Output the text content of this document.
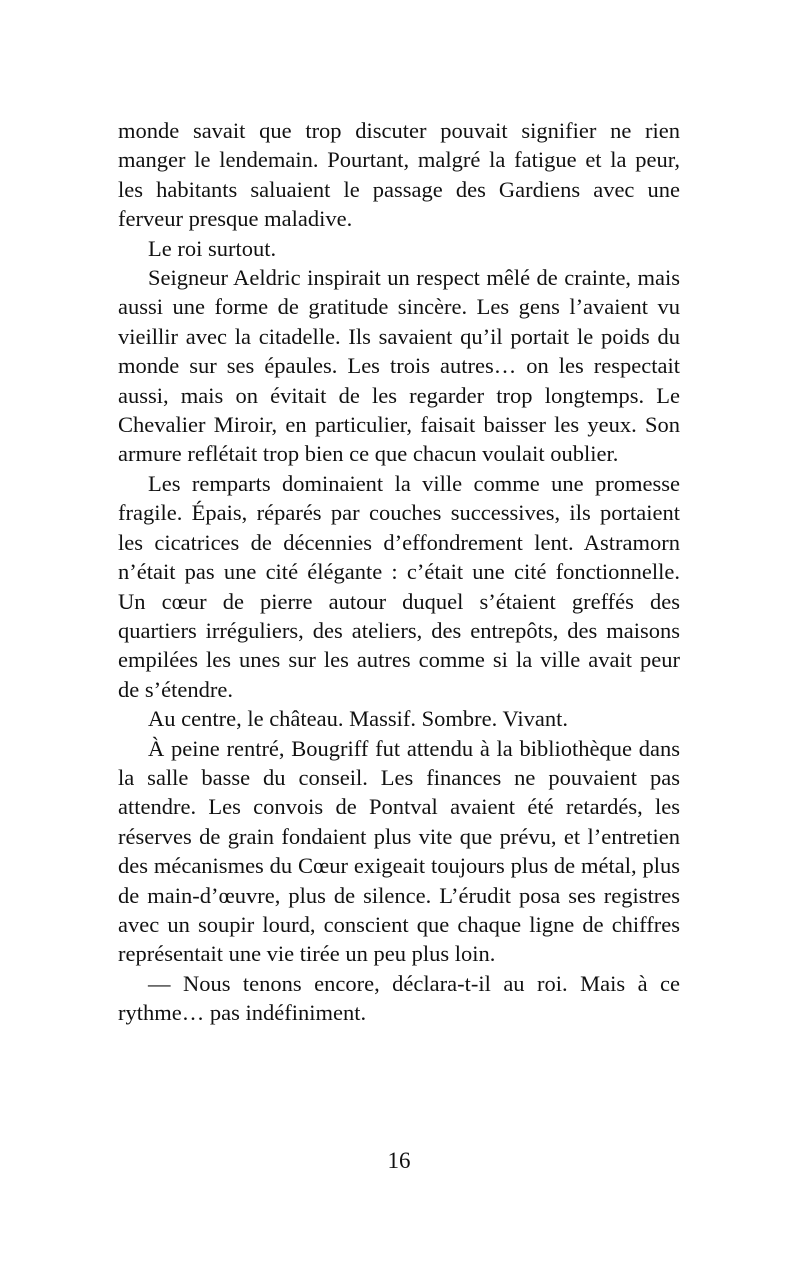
monde savait que trop discuter pouvait signifier ne rien manger le lendemain. Pourtant, malgré la fatigue et la peur, les habitants saluaient le passage des Gardiens avec une ferveur presque maladive.

Le roi surtout.

Seigneur Aeldric inspirait un respect mêlé de crainte, mais aussi une forme de gratitude sincère. Les gens l’avaient vu vieillir avec la citadelle. Ils savaient qu’il portait le poids du monde sur ses épaules. Les trois autres… on les respectait aussi, mais on évitait de les regarder trop longtemps. Le Chevalier Miroir, en particulier, faisait baisser les yeux. Son armure reflétait trop bien ce que chacun voulait oublier.

Les remparts dominaient la ville comme une promesse fragile. Épais, réparés par couches successives, ils portaient les cicatrices de décennies d’effondrement lent. Astramorn n’était pas une cité élégante : c’était une cité fonctionnelle. Un cœur de pierre autour duquel s’étaient greffés des quartiers irréguliers, des ateliers, des entrepôts, des maisons empilées les unes sur les autres comme si la ville avait peur de s’étendre.

Au centre, le château. Massif. Sombre. Vivant.

À peine rentré, Bougriff fut attendu à la bibliothèque dans la salle basse du conseil. Les finances ne pouvaient pas attendre. Les convois de Pontval avaient été retardés, les réserves de grain fondaient plus vite que prévu, et l’entretien des mécanismes du Cœur exigeait toujours plus de métal, plus de main-d’œuvre, plus de silence. L’érudit posa ses registres avec un soupir lourd, conscient que chaque ligne de chiffres représentait une vie tirée un peu plus loin.

— Nous tenons encore, déclara-t-il au roi. Mais à ce rythme… pas indéfiniment.

16
